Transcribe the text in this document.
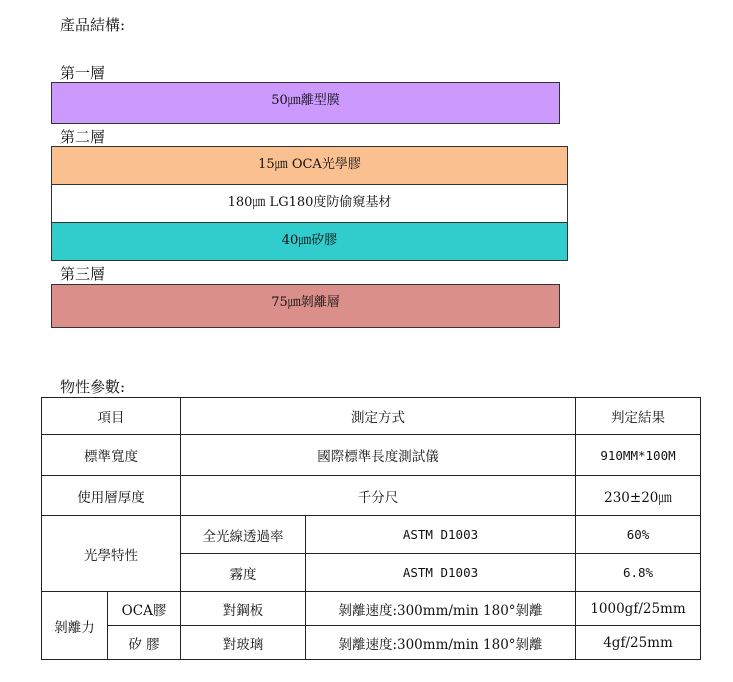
產品結構:
第一層
50㎛離型膜
第二層
15㎛ OCA光學膠
180㎛ LG180度防偷窺基材
40㎛矽膠
第三層
75㎛剝離層
物性參數:
項目		測定方式		判定結果
標準寬度		國際標準長度測試儀		910MM*100M
使用層厚度		千分尺		230±20㎛
光學特性		全光線透過率	ASTM D1003	60%
		霧度	ASTM D1003	6.8%
剝離力	OCA膠	對鋼板	剝離速度:300mm/min 180°剝離	1000gf/25mm
	矽 膠	對玻璃	剝離速度:300mm/min 180°剝離	4gf/25mm
